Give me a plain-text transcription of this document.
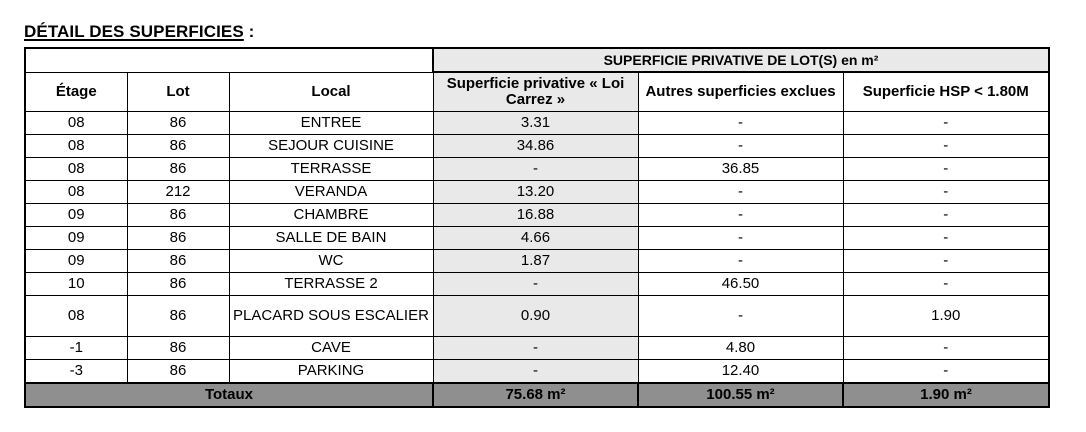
DÉTAIL DES SUPERFICIES :
			SUPERFICIE PRIVATIVE DE LOT(S) en m²		
Étage	Lot	Local	Superficie privative « Loi Carrez »	Autres superficies exclues	Superficie HSP < 1.80M
08	86	ENTREE	3.31	-	-
08	86	SEJOUR CUISINE	34.86	-	-
08	86	TERRASSE	-	36.85	-
08	212	VERANDA	13.20	-	-
09	86	CHAMBRE	16.88	-	-
09	86	SALLE DE BAIN	4.66	-	-
09	86	WC	1.87	-	-
10	86	TERRASSE 2	-	46.50	-
08	86	PLACARD SOUS ESCALIER	0.90	-	1.90
-1	86	CAVE	-	4.80	-
-3	86	PARKING	-	12.40	-
Totaux			75.68 m²	100.55 m²	1.90 m²
